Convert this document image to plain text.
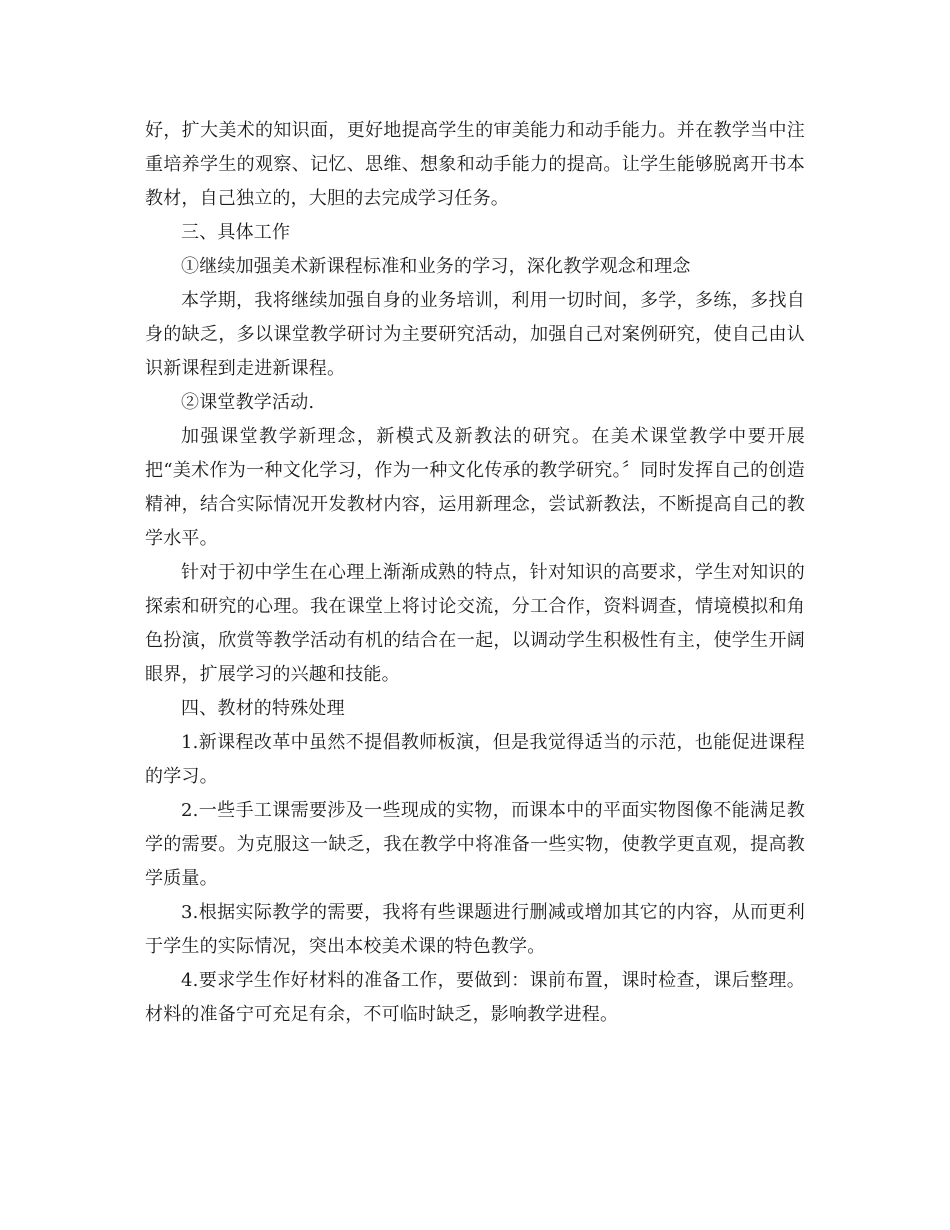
好，扩大美术的知识面，更好地提高学生的审美能力和动手能力。并在教学当中注重培养学生的观察、记忆、思维、想象和动手能力的提高。让学生能够脱离开书本教材，自己独立的，大胆的去完成学习任务。

三、具体工作

①继续加强美术新课程标准和业务的学习，深化教学观念和理念

本学期，我将继续加强自身的业务培训，利用一切时间，多学，多练，多找自身的缺乏，多以课堂教学研讨为主要研究活动，加强自己对案例研究，使自己由认识新课程到走进新课程。

②课堂教学活动.

加强课堂教学新理念，新模式及新教法的研究。在美术课堂教学中要开展把“美术作为一种文化学习，作为一种文化传承的教学研究。〞同时发挥自己的创造精神，结合实际情况开发教材内容，运用新理念，尝试新教法，不断提高自己的教学水平。

针对于初中学生在心理上渐渐成熟的特点，针对知识的高要求，学生对知识的探索和研究的心理。我在课堂上将讨论交流，分工合作，资料调查，情境模拟和角色扮演，欣赏等教学活动有机的结合在一起，以调动学生积极性有主，使学生开阔眼界，扩展学习的兴趣和技能。

四、教材的特殊处理

1.新课程改革中虽然不提倡教师板演，但是我觉得适当的示范，也能促进课程的学习。

2.一些手工课需要涉及一些现成的实物，而课本中的平面实物图像不能满足教学的需要。为克服这一缺乏，我在教学中将准备一些实物，使教学更直观，提高教学质量。

3.根据实际教学的需要，我将有些课题进行删减或增加其它的内容，从而更利于学生的实际情况，突出本校美术课的特色教学。

4.要求学生作好材料的准备工作，要做到：课前布置，课时检查，课后整理。材料的准备宁可充足有余，不可临时缺乏，影响教学进程。
